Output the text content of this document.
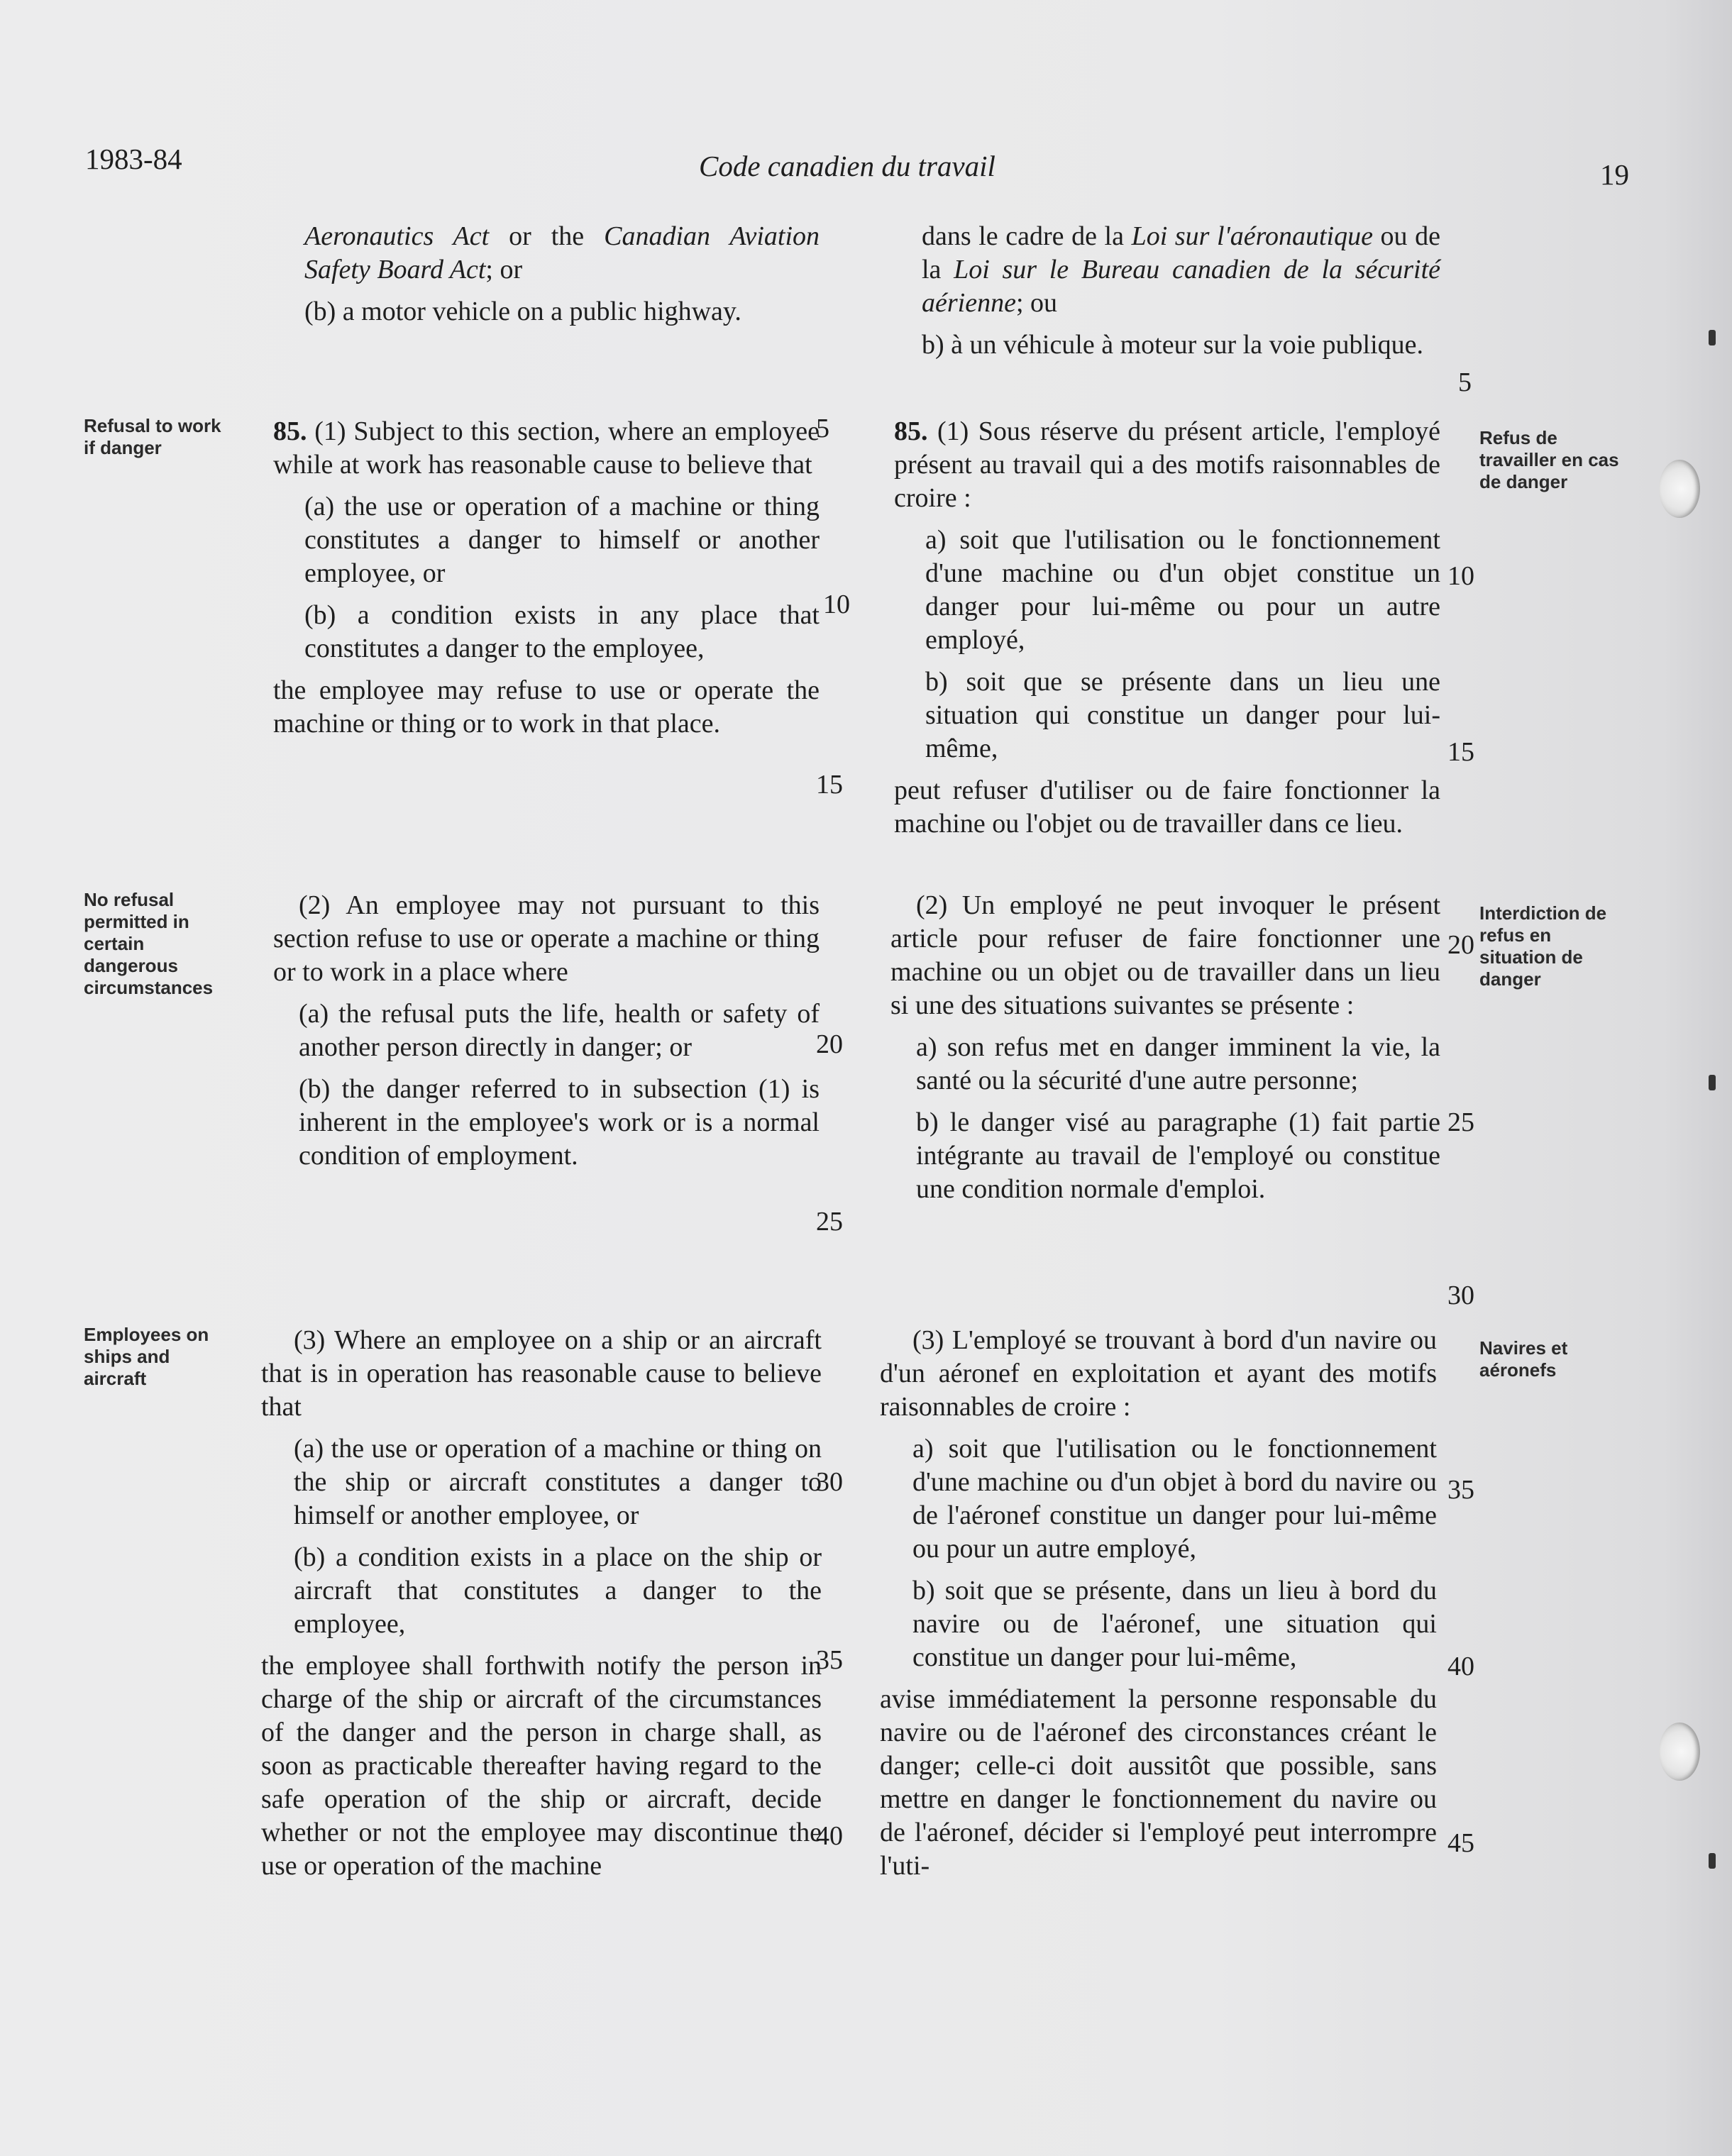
1983-84	Code canadien du travail	19
Refusal to work if danger
No refusal permitted in certain dangerous circumstances
Employees on ships and aircraft
Refus de travailler en cas de danger
Interdiction de refus en situation de danger
Navires et aéronefs

Aeronautics Act or the Canadian Aviation Safety Board Act; or

(b) a motor vehicle on a public highway.

85. (1) Subject to this section, where an employee while at work has reasonable cause to believe that

(a) the use or operation of a machine or thing constitutes a danger to himself or another employee, or

(b) a condition exists in any place that constitutes a danger to the employee,

the employee may refuse to use or operate the machine or thing or to work in that place.

(2) An employee may not pursuant to this section refuse to use or operate a machine or thing or to work in a place where

(a) the refusal puts the life, health or safety of another person directly in danger; or

(b) the danger referred to in subsection (1) is inherent in the employee's work or is a normal condition of employment.

(3) Where an employee on a ship or an aircraft that is in operation has reasonable cause to believe that

(a) the use or operation of a machine or thing on the ship or aircraft constitutes a danger to himself or another employee, or

(b) a condition exists in a place on the ship or aircraft that constitutes a danger to the employee,

the employee shall forthwith notify the person in charge of the ship or aircraft of the circumstances of the danger and the person in charge shall, as soon as practicable thereafter having regard to the safe operation of the ship or aircraft, decide whether or not the employee may discontinue the use or operation of the machine

dans le cadre de la Loi sur l'aéronautique ou de la Loi sur le Bureau canadien de la sécurité aérienne; ou

b) à un véhicule à moteur sur la voie publique.

85. (1) Sous réserve du présent article, l'employé présent au travail qui a des motifs raisonnables de croire :

a) soit que l'utilisation ou le fonctionnement d'une machine ou d'un objet constitue un danger pour lui-même ou pour un autre employé,

b) soit que se présente dans un lieu une situation qui constitue un danger pour lui-même,

peut refuser d'utiliser ou de faire fonctionner la machine ou l'objet ou de travailler dans ce lieu.

(2) Un employé ne peut invoquer le présent article pour refuser de faire fonctionner une machine ou un objet ou de travailler dans un lieu si une des situations suivantes se présente :

a) son refus met en danger imminent la vie, la santé ou la sécurité d'une autre personne;

b) le danger visé au paragraphe (1) fait partie intégrante au travail de l'employé ou constitue une condition normale d'emploi.

(3) L'employé se trouvant à bord d'un navire ou d'un aéronef en exploitation et ayant des motifs raisonnables de croire :

a) soit que l'utilisation ou le fonctionnement d'une machine ou d'un objet à bord du navire ou de l'aéronef constitue un danger pour lui-même ou pour un autre employé,

b) soit que se présente, dans un lieu à bord du navire ou de l'aéronef, une situation qui constitue un danger pour lui-même,

avise immédiatement la personne responsable du navire ou de l'aéronef des circonstances créant le danger; celle-ci doit aussitôt que possible, sans mettre en danger le fonctionnement du navire ou de l'aéronef, décider si l'employé peut interrompre l'uti-

5
10
15
20
25
30
35
40
5
10
15
20
25
30
35
40
45
